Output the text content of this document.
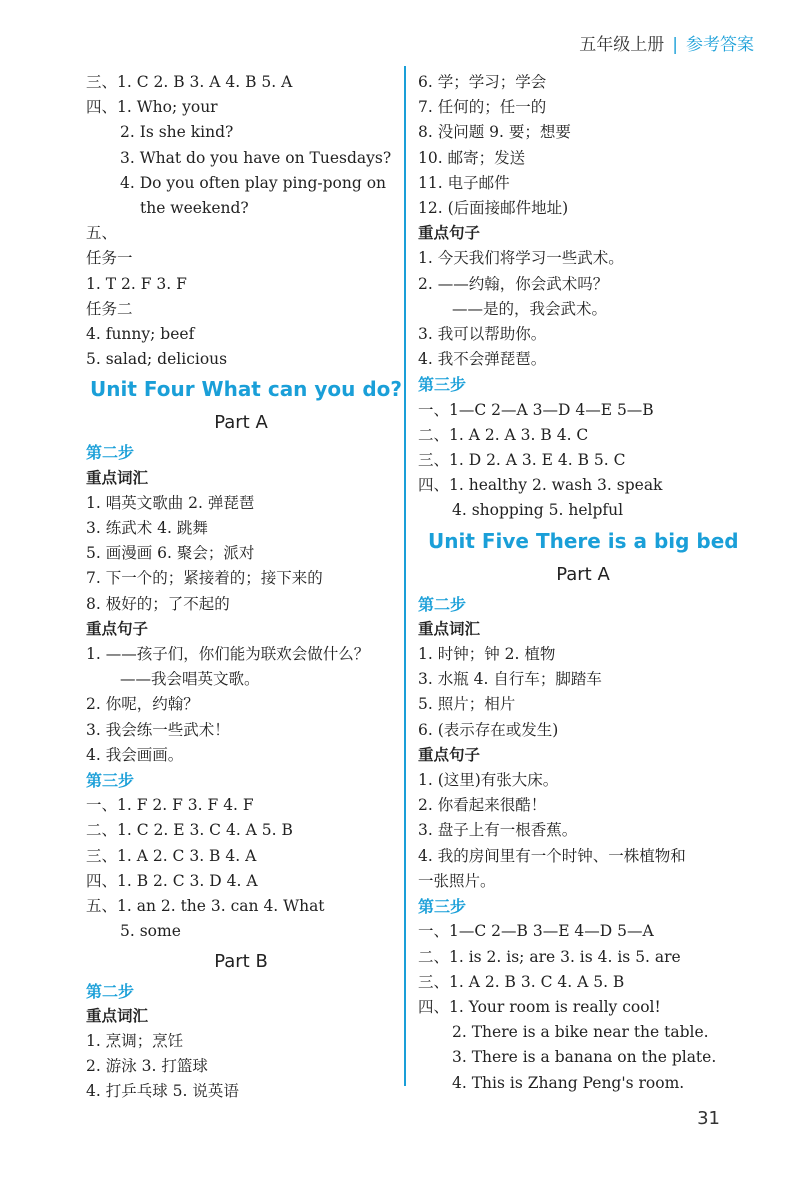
五年级上册 | 参考答案
三、1. C 2. B 3. A 4. B 5. A
四、1. Who; your
2. Is she kind?
3. What do you have on Tuesdays?
4. Do you often play ping-pong on
the weekend?
五、
任务一
1. T 2. F 3. F
任务二
4. funny; beef
5. salad; delicious
Unit Four What can you do?
Part A
第二步
重点词汇
1. 唱英文歌曲 2. 弹琵琶
3. 练武术 4. 跳舞
5. 画漫画 6. 聚会；派对
7. 下一个的；紧接着的；接下来的
8. 极好的；了不起的
重点句子
1. ——孩子们，你们能为联欢会做什么？
——我会唱英文歌。
2. 你呢，约翰？
3. 我会练一些武术！
4. 我会画画。
第三步
一、1. F 2. F 3. F 4. F
二、1. C 2. E 3. C 4. A 5. B
三、1. A 2. C 3. B 4. A
四、1. B 2. C 3. D 4. A
五、1. an 2. the 3. can 4. What
5. some
Part B
第二步
重点词汇
1. 烹调；烹饪
2. 游泳 3. 打篮球
4. 打乒乓球 5. 说英语
6. 学；学习；学会
7. 任何的；任一的
8. 没问题 9. 要；想要
10. 邮寄；发送
11. 电子邮件
12. (后面接邮件地址)
重点句子
1. 今天我们将学习一些武术。
2. ——约翰，你会武术吗？
——是的，我会武术。
3. 我可以帮助你。
4. 我不会弹琵琶。
第三步
一、1—C 2—A 3—D 4—E 5—B
二、1. A 2. A 3. B 4. C
三、1. D 2. A 3. E 4. B 5. C
四、1. healthy 2. wash 3. speak
4. shopping 5. helpful
Unit Five There is a big bed
Part A
第二步
重点词汇
1. 时钟；钟 2. 植物
3. 水瓶 4. 自行车；脚踏车
5. 照片；相片
6. (表示存在或发生)
重点句子
1. (这里)有张大床。
2. 你看起来很酷！
3. 盘子上有一根香蕉。
4. 我的房间里有一个时钟、一株植物和
一张照片。
第三步
一、1—C 2—B 3—E 4—D 5—A
二、1. is 2. is; are 3. is 4. is 5. are
三、1. A 2. B 3. C 4. A 5. B
四、1. Your room is really cool!
2. There is a bike near the table.
3. There is a banana on the plate.
4. This is Zhang Peng's room.
31
